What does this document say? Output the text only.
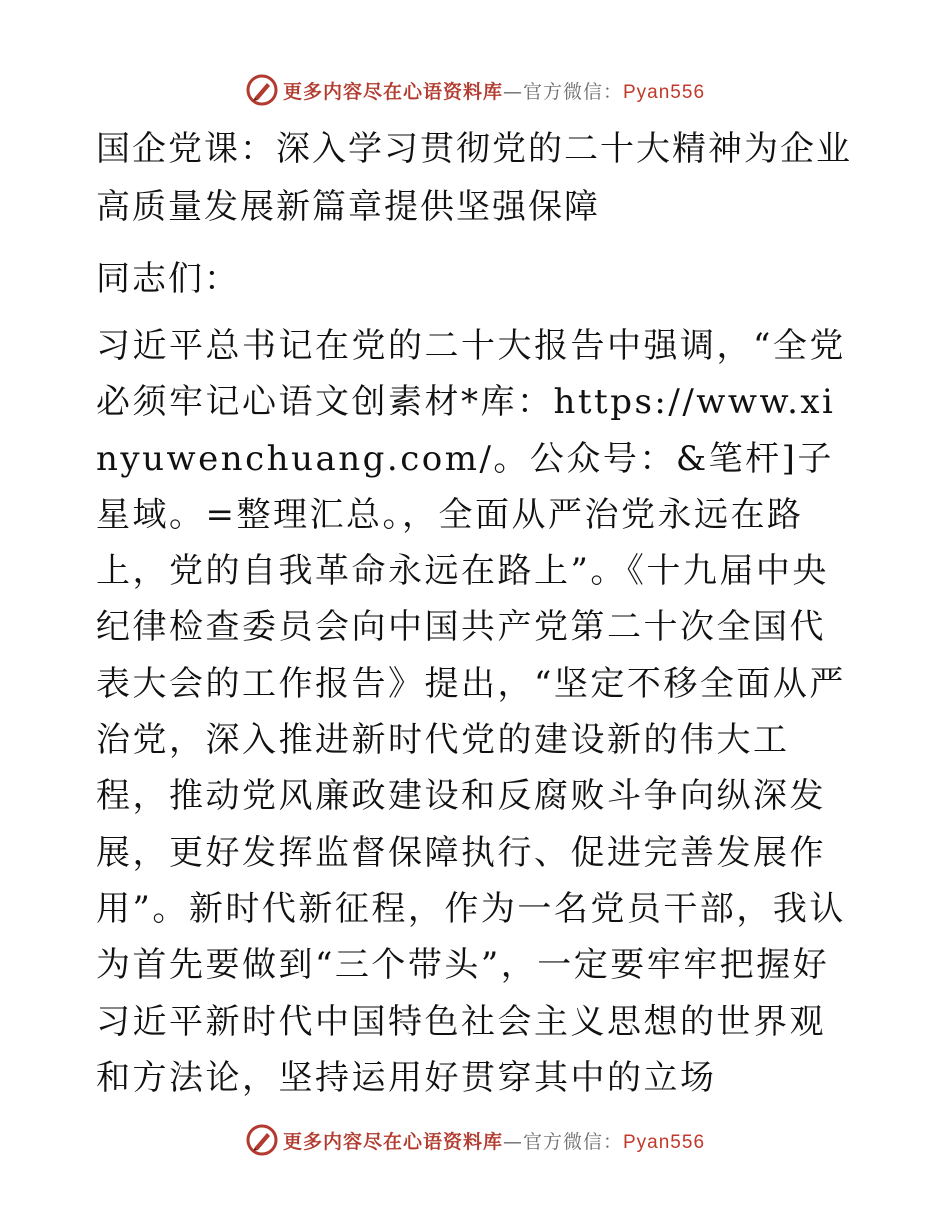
更多内容尽在心语资料库—官方微信：Pyan556
国企党课：深入学习贯彻党的二十大精神为企业高质量发展新篇章提供坚强保障

同志们：

习近平总书记在党的二十大报告中强调，“全党必须牢记心语文创素材*库：https://www.xinyuwenchuang.com/。公众号：&笔杆]子星域。=整理汇总。，全面从严治党永远在路上，党的自我革命永远在路上”。《十九届中央纪律检查委员会向中国共产党第二十次全国代表大会的工作报告》提出，“坚定不移全面从严治党，深入推进新时代党的建设新的伟大工程，推动党风廉政建设和反腐败斗争向纵深发展，更好发挥监督保障执行、促进完善发展作用”。新时代新征程，作为一名党员干部，我认为首先要做到“三个带头”，一定要牢牢把握好习近平新时代中国特色社会主义思想的世界观和方法论，坚持运用好贯穿其中的立场

更多内容尽在心语资料库—官方微信：Pyan556
